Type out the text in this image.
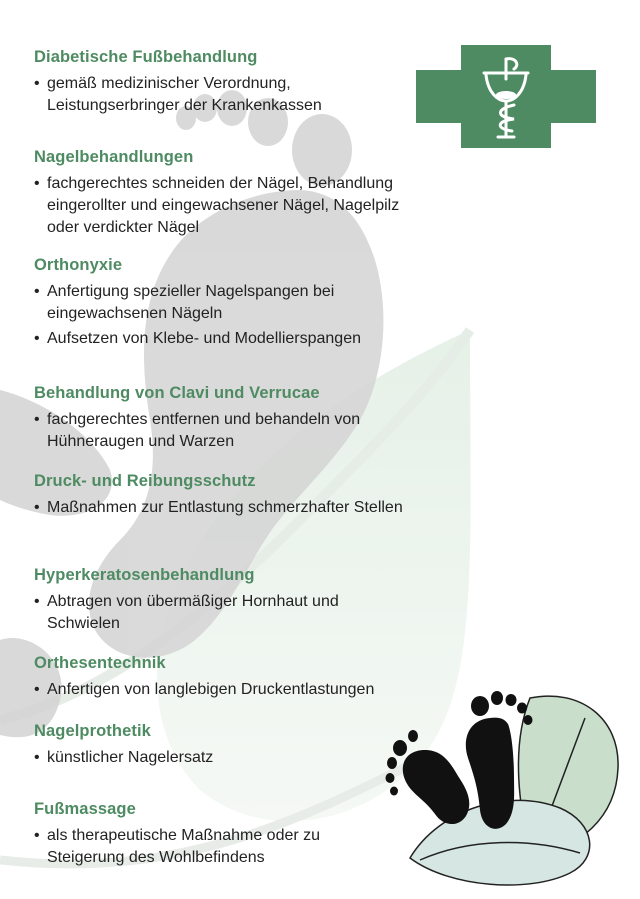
Diabetische Fußbehandlung
• gemäß medizinischer Verordnung, Leistungserbringer der Krankenkassen
Nagelbehandlungen
• fachgerechtes schneiden der Nägel, Behandlung eingerollter und eingewachsener Nägel, Nagelpilz oder verdickter Nägel
Orthonyxie
• Anfertigung spezieller Nagelspangen bei eingewachsenen Nägeln
• Aufsetzen von Klebe- und Modellierspangen
Behandlung von Clavi und Verrucae
• fachgerechtes entfernen und behandeln von Hühneraugen und Warzen
Druck- und Reibungsschutz
• Maßnahmen zur Entlastung schmerzhafter Stellen
Hyperkeratosenbehandlung
• Abtragen von übermäßiger Hornhaut und Schwielen
Orthesentechnik
• Anfertigen von langlebigen Druckentlastungen
Nagelprothetik
• künstlicher Nagelersatz
Fußmassage
• als therapeutische Maßnahme oder zu Steigerung des Wohlbefindens
